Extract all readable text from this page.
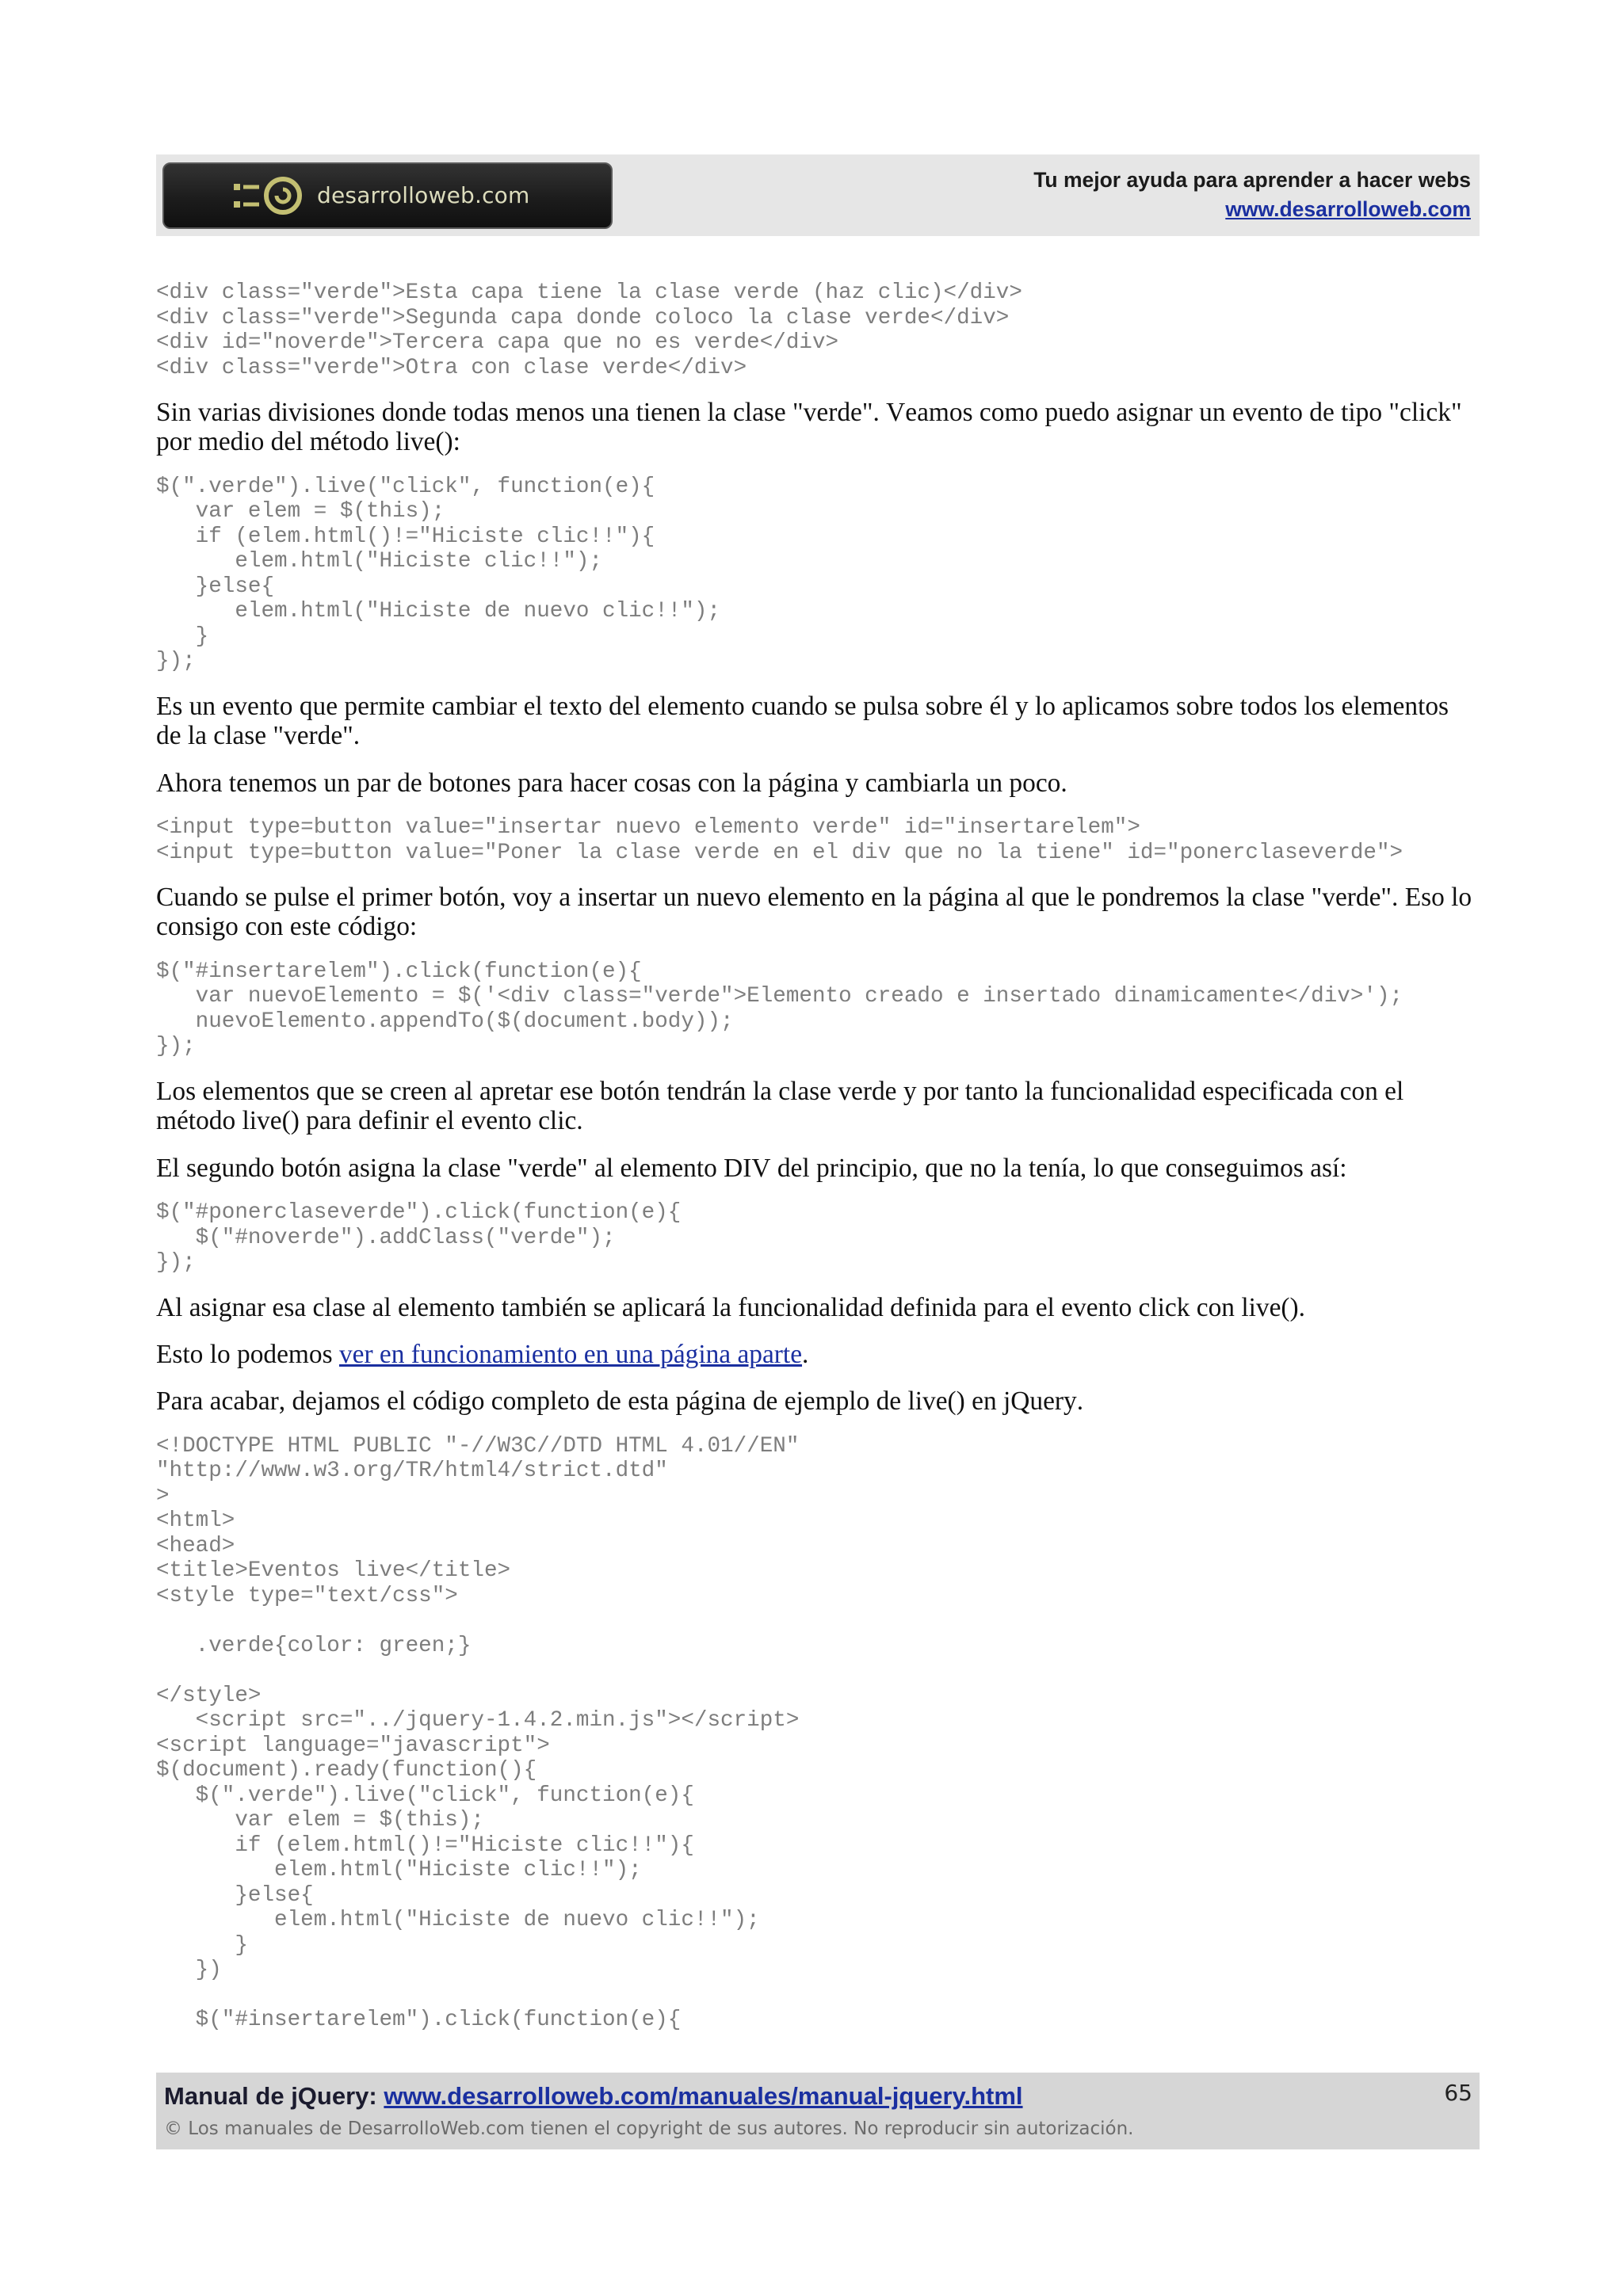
desarrolloweb.com
Tu mejor ayuda para aprender a hacer webs
www.desarrolloweb.com
<div class="verde">Esta capa tiene la clase verde (haz clic)</div>
<div class="verde">Segunda capa donde coloco la clase verde</div>
<div id="noverde">Tercera capa que no es verde</div>
<div class="verde">Otra con clase verde</div>

Sin varias divisiones donde todas menos una tienen la clase "verde". Veamos como puedo asignar un evento de tipo "click" por medio del método live():

$(".verde").live("click", function(e){
var elem = $(this);
if (elem.html()!="Hiciste clic!!"){
elem.html("Hiciste clic!!");
}else{
elem.html("Hiciste de nuevo clic!!");
}
});

Es un evento que permite cambiar el texto del elemento cuando se pulsa sobre él y lo aplicamos sobre todos los elementos de la clase "verde".

Ahora tenemos un par de botones para hacer cosas con la página y cambiarla un poco.

<input type=button value="insertar nuevo elemento verde" id="insertarelem">
<input type=button value="Poner la clase verde en el div que no la tiene" id="ponerclaseverde">

Cuando se pulse el primer botón, voy a insertar un nuevo elemento en la página al que le pondremos la clase "verde". Eso lo consigo con este código:

$("#insertarelem").click(function(e){
var nuevoElemento = $('<div class="verde">Elemento creado e insertado dinamicamente</div>');
nuevoElemento.appendTo($(document.body));
});

Los elementos que se creen al apretar ese botón tendrán la clase verde y por tanto la funcionalidad especificada con el método live() para definir el evento clic.

El segundo botón asigna la clase "verde" al elemento DIV del principio, que no la tenía, lo que conseguimos así:

$("#ponerclaseverde").click(function(e){
$("#noverde").addClass("verde");
});

Al asignar esa clase al elemento también se aplicará la funcionalidad definida para el evento click con live().

Esto lo podemos ver en funcionamiento en una página aparte.

Para acabar, dejamos el código completo de esta página de ejemplo de live() en jQuery.

<!DOCTYPE HTML PUBLIC "-//W3C//DTD HTML 4.01//EN"
"http://www.w3.org/TR/html4/strict.dtd"
>
<html>
<head>
<title>Eventos live</title>
<style type="text/css">

.verde{color: green;}

</style>
<script src="../jquery-1.4.2.min.js"></script>
<script language="javascript">
$(document).ready(function(){
$(".verde").live("click", function(e){
var elem = $(this);
if (elem.html()!="Hiciste clic!!"){
elem.html("Hiciste clic!!");
}else{
elem.html("Hiciste de nuevo clic!!");
}
})

$("#insertarelem").click(function(e){
Manual de jQuery: www.desarrolloweb.com/manuales/manual-jquery.html
© Los manuales de DesarrolloWeb.com tienen el copyright de sus autores. No reproducir sin autorización.
65
